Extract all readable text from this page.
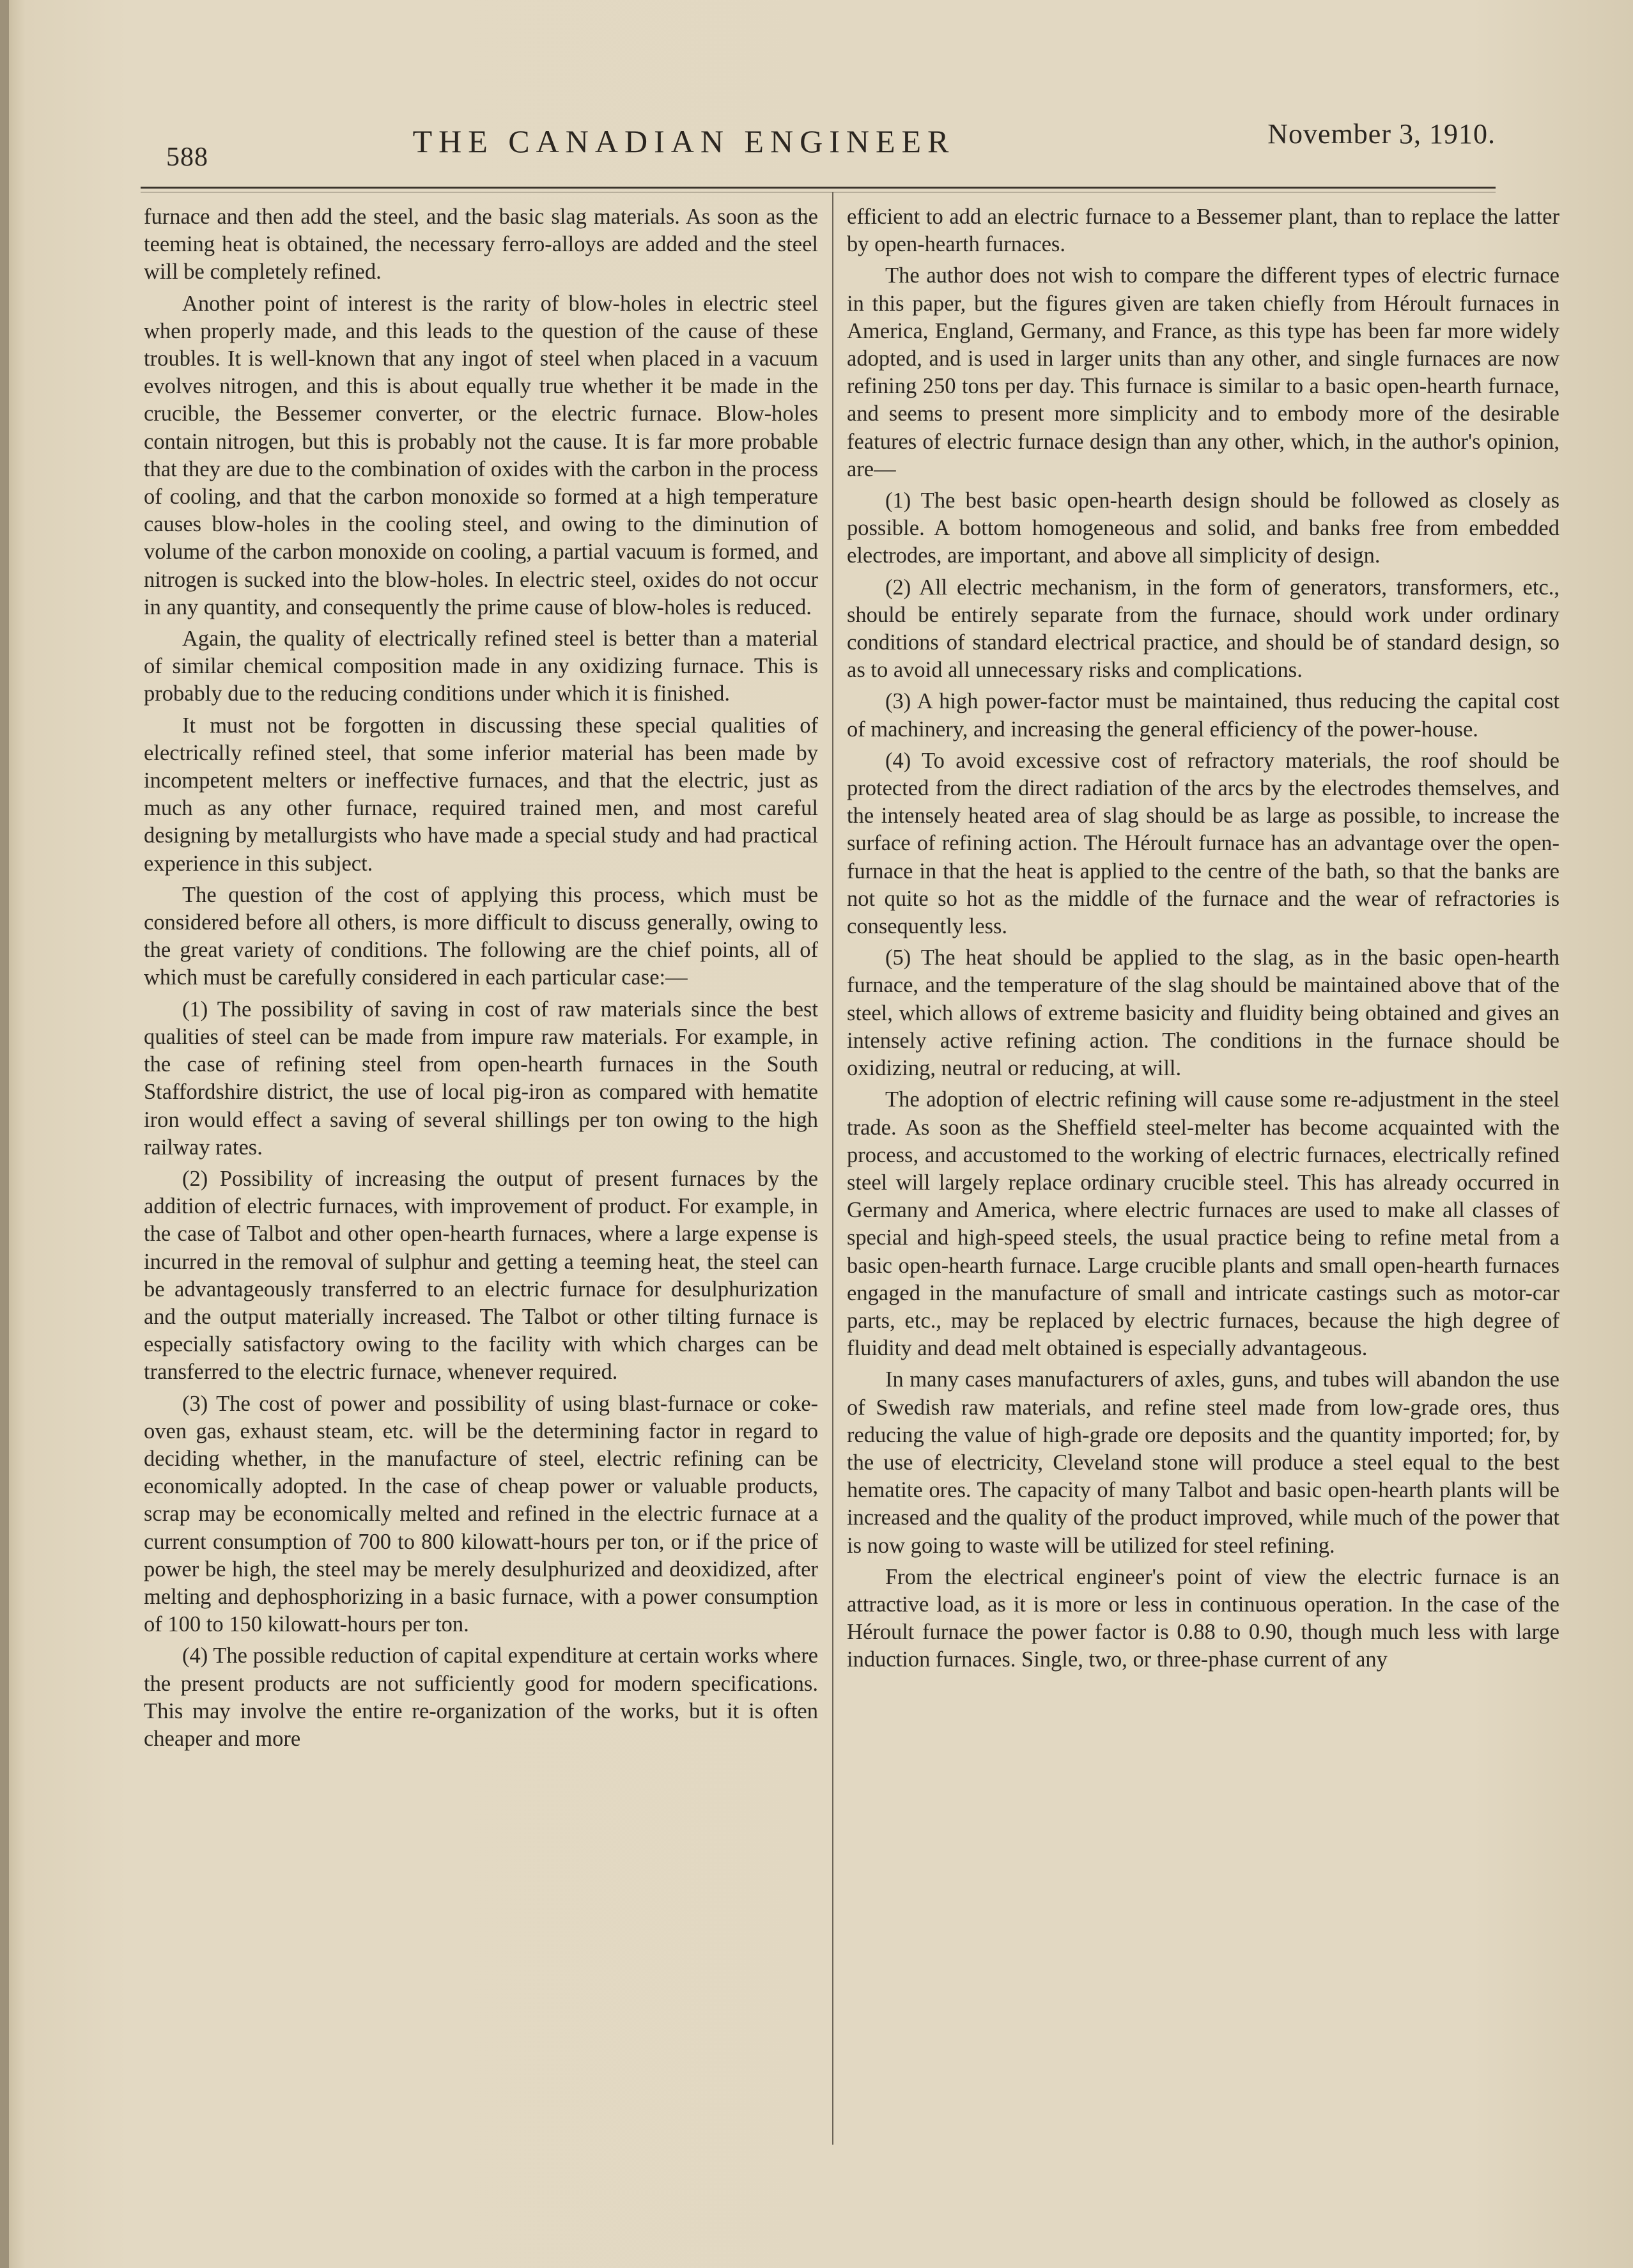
588	THE CANADIAN ENGINEER	November 3, 1910.

furnace and then add the steel, and the basic slag materials. As soon as the teeming heat is obtained, the necessary ferro-alloys are added and the steel will be completely refined.

Another point of interest is the rarity of blow-holes in electric steel when properly made, and this leads to the question of the cause of these troubles. It is well-known that any ingot of steel when placed in a vacuum evolves nitrogen, and this is about equally true whether it be made in the crucible, the Bessemer converter, or the electric furnace. Blow-holes contain nitrogen, but this is probably not the cause. It is far more probable that they are due to the combination of oxides with the carbon in the process of cooling, and that the carbon monoxide so formed at a high temperature causes blow-holes in the cooling steel, and owing to the diminution of volume of the carbon monoxide on cooling, a partial vacuum is formed, and nitrogen is sucked into the blow-holes. In electric steel, oxides do not occur in any quantity, and consequently the prime cause of blow-holes is reduced.

Again, the quality of electrically refined steel is better than a material of similar chemical composition made in any oxidizing furnace. This is probably due to the reducing conditions under which it is finished.

It must not be forgotten in discussing these special qualities of electrically refined steel, that some inferior material has been made by incompetent melters or ineffective furnaces, and that the electric, just as much as any other furnace, required trained men, and most careful designing by metallurgists who have made a special study and had practical experience in this subject.

The question of the cost of applying this process, which must be considered before all others, is more difficult to discuss generally, owing to the great variety of conditions. The following are the chief points, all of which must be carefully considered in each particular case:—

(1) The possibility of saving in cost of raw materials since the best qualities of steel can be made from impure raw materials. For example, in the case of refining steel from open-hearth furnaces in the South Staffordshire district, the use of local pig-iron as compared with hematite iron would effect a saving of several shillings per ton owing to the high railway rates.

(2) Possibility of increasing the output of present furnaces by the addition of electric furnaces, with improvement of product. For example, in the case of Talbot and other open-hearth furnaces, where a large expense is incurred in the removal of sulphur and getting a teeming heat, the steel can be advantageously transferred to an electric furnace for desulphurization and the output materially increased. The Talbot or other tilting furnace is especially satisfactory owing to the facility with which charges can be transferred to the electric furnace, whenever required.

(3) The cost of power and possibility of using blast-furnace or coke-oven gas, exhaust steam, etc. will be the determining factor in regard to deciding whether, in the manufacture of steel, electric refining can be economically adopted. In the case of cheap power or valuable products, scrap may be economically melted and refined in the electric furnace at a current consumption of 700 to 800 kilowatt-hours per ton, or if the price of power be high, the steel may be merely desulphurized and deoxidized, after melting and dephosphorizing in a basic furnace, with a power consumption of 100 to 150 kilowatt-hours per ton.

(4) The possible reduction of capital expenditure at certain works where the present products are not sufficiently good for modern specifications. This may involve the entire re-organization of the works, but it is often cheaper and more

efficient to add an electric furnace to a Bessemer plant, than to replace the latter by open-hearth furnaces.

The author does not wish to compare the different types of electric furnace in this paper, but the figures given are taken chiefly from Héroult furnaces in America, England, Germany, and France, as this type has been far more widely adopted, and is used in larger units than any other, and single furnaces are now refining 250 tons per day. This furnace is similar to a basic open-hearth furnace, and seems to present more simplicity and to embody more of the desirable features of electric furnace design than any other, which, in the author's opinion, are—

(1) The best basic open-hearth design should be followed as closely as possible. A bottom homogeneous and solid, and banks free from embedded electrodes, are important, and above all simplicity of design.

(2) All electric mechanism, in the form of generators, transformers, etc., should be entirely separate from the furnace, should work under ordinary conditions of standard electrical practice, and should be of standard design, so as to avoid all unnecessary risks and complications.

(3) A high power-factor must be maintained, thus reducing the capital cost of machinery, and increasing the general efficiency of the power-house.

(4) To avoid excessive cost of refractory materials, the roof should be protected from the direct radiation of the arcs by the electrodes themselves, and the intensely heated area of slag should be as large as possible, to increase the surface of refining action. The Héroult furnace has an advantage over the open-furnace in that the heat is applied to the centre of the bath, so that the banks are not quite so hot as the middle of the furnace and the wear of refractories is consequently less.

(5) The heat should be applied to the slag, as in the basic open-hearth furnace, and the temperature of the slag should be maintained above that of the steel, which allows of extreme basicity and fluidity being obtained and gives an intensely active refining action. The conditions in the furnace should be oxidizing, neutral or reducing, at will.

The adoption of electric refining will cause some re-adjustment in the steel trade. As soon as the Sheffield steel-melter has become acquainted with the process, and accustomed to the working of electric furnaces, electrically refined steel will largely replace ordinary crucible steel. This has already occurred in Germany and America, where electric furnaces are used to make all classes of special and high-speed steels, the usual practice being to refine metal from a basic open-hearth furnace. Large crucible plants and small open-hearth furnaces engaged in the manufacture of small and intricate castings such as motor-car parts, etc., may be replaced by electric furnaces, because the high degree of fluidity and dead melt obtained is especially advantageous.

In many cases manufacturers of axles, guns, and tubes will abandon the use of Swedish raw materials, and refine steel made from low-grade ores, thus reducing the value of high-grade ore deposits and the quantity imported; for, by the use of electricity, Cleveland stone will produce a steel equal to the best hematite ores. The capacity of many Talbot and basic open-hearth plants will be increased and the quality of the product improved, while much of the power that is now going to waste will be utilized for steel refining.

From the electrical engineer's point of view the electric furnace is an attractive load, as it is more or less in continuous operation. In the case of the Héroult furnace the power factor is 0.88 to 0.90, though much less with large induction furnaces. Single, two, or three-phase current of any
